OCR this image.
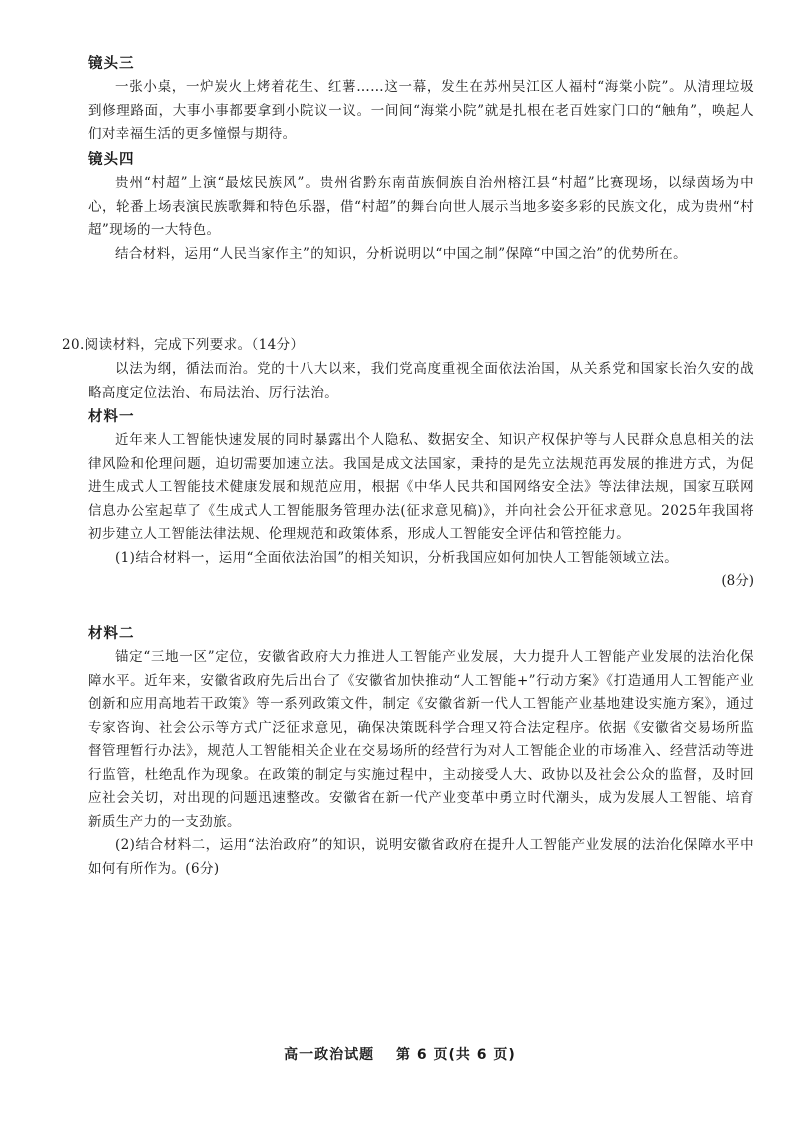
镜头三

一张小桌，一炉炭火上烤着花生、红薯……这一幕，发生在苏州吴江区人福村“海棠小院”。从清理垃圾到修理路面，大事小事都要拿到小院议一议。一间间“海棠小院”就是扎根在老百姓家门口的“触角”，唤起人们对幸福生活的更多憧憬与期待。

镜头四

贵州“村超”上演“最炫民族风”。贵州省黔东南苗族侗族自治州榕江县“村超”比赛现场，以绿茵场为中心，轮番上场表演民族歌舞和特色乐器，借“村超”的舞台向世人展示当地多姿多彩的民族文化，成为贵州“村超”现场的一大特色。

结合材料，运用“人民当家作主”的知识，分析说明以“中国之制”保障“中国之治”的优势所在。

20.阅读材料，完成下列要求。（14分）

以法为纲，循法而治。党的十八大以来，我们党高度重视全面依法治国，从关系党和国家长治久安的战略高度定位法治、布局法治、厉行法治。

材料一

近年来人工智能快速发展的同时暴露出个人隐私、数据安全、知识产权保护等与人民群众息息相关的法律风险和伦理问题，迫切需要加速立法。我国是成文法国家，秉持的是先立法规范再发展的推进方式，为促进生成式人工智能技术健康发展和规范应用，根据《中华人民共和国网络安全法》等法律法规，国家互联网信息办公室起草了《生成式人工智能服务管理办法(征求意见稿)》，并向社会公开征求意见。2025年我国将初步建立人工智能法律法规、伦理规范和政策体系，形成人工智能安全评估和管控能力。

(1)结合材料一，运用“全面依法治国”的相关知识，分析我国应如何加快人工智能领域立法。

(8分)
材料二

锚定“三地一区”定位，安徽省政府大力推进人工智能产业发展，大力提升人工智能产业发展的法治化保障水平。近年来，安徽省政府先后出台了《安徽省加快推动“人工智能+”行动方案》《打造通用人工智能产业创新和应用高地若干政策》等一系列政策文件，制定《安徽省新一代人工智能产业基地建设实施方案》，通过专家咨询、社会公示等方式广泛征求意见，确保决策既科学合理又符合法定程序。依据《安徽省交易场所监督管理暂行办法》，规范人工智能相关企业在交易场所的经营行为对人工智能企业的市场准入、经营活动等进行监管，杜绝乱作为现象。在政策的制定与实施过程中，主动接受人大、政协以及社会公众的监督，及时回应社会关切，对出现的问题迅速整改。安徽省在新一代产业变革中勇立时代潮头，成为发展人工智能、培育新质生产力的一支劲旅。

(2)结合材料二，运用“法治政府”的知识，说明安徽省政府在提升人工智能产业发展的法治化保障水平中如何有所作为。(6分)

高一政治试题 第 6 页(共 6 页)
